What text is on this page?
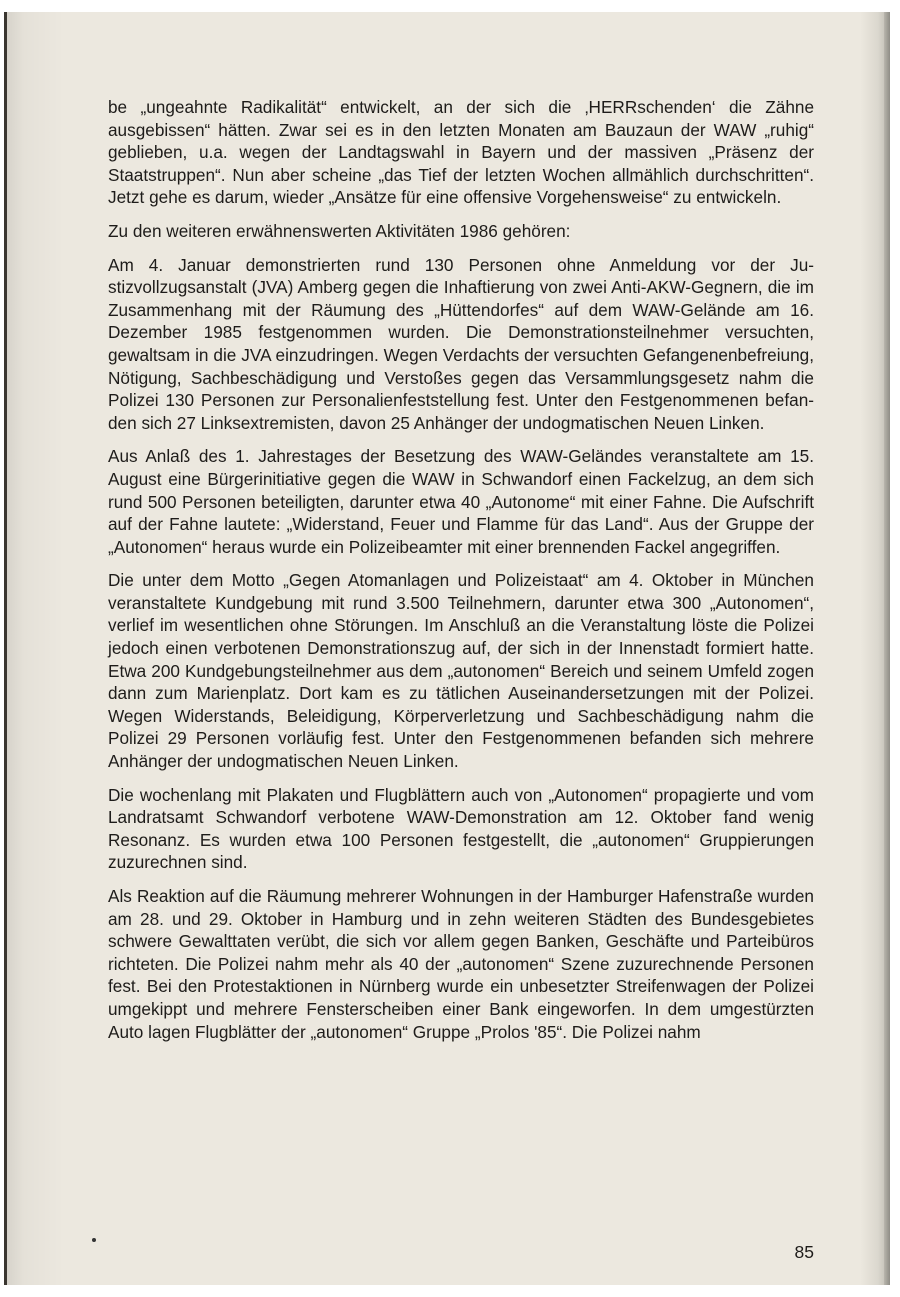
be „ungeahnte Radikalität“ entwickelt, an der sich die ‚HERRschenden‘ die Zähne ausgebissen“ hätten. Zwar sei es in den letzten Monaten am Bauzaun der WAW „ruhig“ geblieben, u.a. wegen der Landtagswahl in Bayern und der massiven „Präsenz der Staatstruppen“. Nun aber scheine „das Tief der letzten Wochen allmählich durchschritten“. Jetzt gehe es darum, wieder „Ansätze für eine offensive Vorgehensweise“ zu entwickeln.

Zu den weiteren erwähnenswerten Aktivitäten 1986 gehören:

Am 4. Januar demonstrierten rund 130 Personen ohne Anmeldung vor der Justizvollzugsanstalt (JVA) Amberg gegen die Inhaftierung von zwei Anti-AKW-Gegnern, die im Zusammenhang mit der Räumung des „Hüttendorfes“ auf dem WAW-Gelände am 16. Dezember 1985 festgenommen wurden. Die Demonstrationsteilnehmer versuchten, gewaltsam in die JVA einzudringen. Wegen Verdachts der versuchten Gefangenenbefreiung, Nötigung, Sachbeschädigung und Verstoßes gegen das Versammlungsgesetz nahm die Polizei 130 Personen zur Personalienfeststellung fest. Unter den Festgenommenen befanden sich 27 Linksextremisten, davon 25 Anhänger der undogmatischen Neuen Linken.

Aus Anlaß des 1. Jahrestages der Besetzung des WAW-Geländes veranstaltete am 15. August eine Bürgerinitiative gegen die WAW in Schwandorf einen Fackelzug, an dem sich rund 500 Personen beteiligten, darunter etwa 40 „Autonome“ mit einer Fahne. Die Aufschrift auf der Fahne lautete: „Widerstand, Feuer und Flamme für das Land“. Aus der Gruppe der „Autonomen“ heraus wurde ein Polizeibeamter mit einer brennenden Fackel angegriffen.

Die unter dem Motto „Gegen Atomanlagen und Polizeistaat“ am 4. Oktober in München veranstaltete Kundgebung mit rund 3.500 Teilnehmern, darunter etwa 300 „Autonomen“, verlief im wesentlichen ohne Störungen. Im Anschluß an die Veranstaltung löste die Polizei jedoch einen verbotenen Demonstrationszug auf, der sich in der Innenstadt formiert hatte. Etwa 200 Kundgebungsteilnehmer aus dem „autonomen“ Bereich und seinem Umfeld zogen dann zum Marienplatz. Dort kam es zu tätlichen Auseinandersetzungen mit der Polizei. Wegen Widerstands, Beleidigung, Körperverletzung und Sachbeschädigung nahm die Polizei 29 Personen vorläufig fest. Unter den Festgenommenen befanden sich mehrere Anhänger der undogmatischen Neuen Linken.

Die wochenlang mit Plakaten und Flugblättern auch von „Autonomen“ propagierte und vom Landratsamt Schwandorf verbotene WAW-Demonstration am 12. Oktober fand wenig Resonanz. Es wurden etwa 100 Personen festgestellt, die „autonomen“ Gruppierungen zuzurechnen sind.

Als Reaktion auf die Räumung mehrerer Wohnungen in der Hamburger Hafenstraße wurden am 28. und 29. Oktober in Hamburg und in zehn weiteren Städten des Bundesgebietes schwere Gewalttaten verübt, die sich vor allem gegen Banken, Geschäfte und Parteibüros richteten. Die Polizei nahm mehr als 40 der „autonomen“ Szene zuzurechnende Personen fest. Bei den Protestaktionen in Nürnberg wurde ein unbesetzter Streifenwagen der Polizei umgekippt und mehrere Fensterscheiben einer Bank eingeworfen. In dem umgestürzten Auto lagen Flugblätter der „autonomen“ Gruppe „Prolos '85“. Die Polizei nahm

85
